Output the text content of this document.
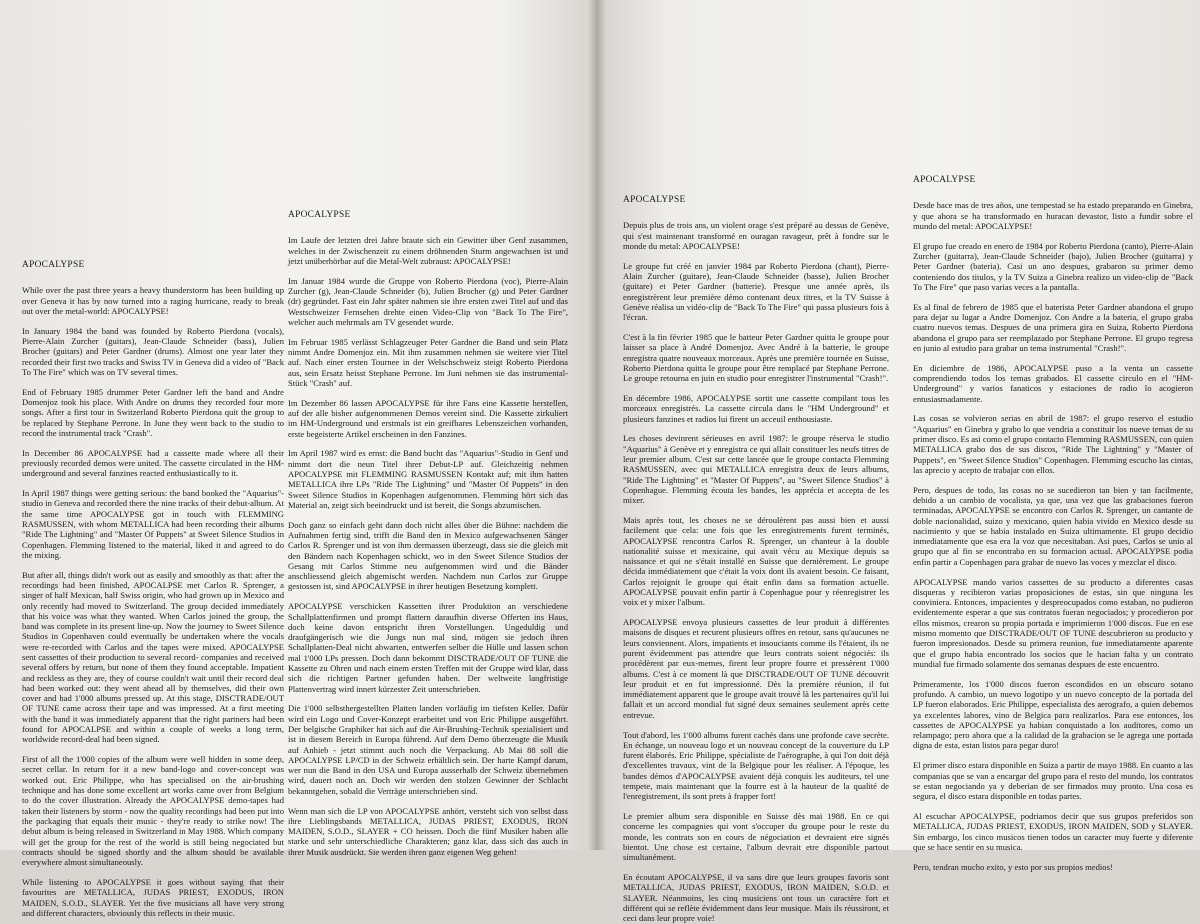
APOCALYPSE

While over the past three years a heavy thunderstorm has been building up over Geneva it has by now turned into a raging hurricane, ready to break out over the metal-world: APOCALYPSE!

In January 1984 the band was founded by Roberto Pierdona (vocals), Pierre-Alain Zurcher (guitars), Jean-Claude Schneider (bass), Julien Brocher (guitars) and Peter Gardner (drums). Almost one year later they recorded their first two tracks and Swiss TV in Geneva did a video of "Back To The Fire" which was on TV several times.

End of February 1985 drummer Peter Gardner left the band and Andre Domenjoz took his place. With Andre on drums they recorded four more songs. After a first tour in Switzerland Roberto Pierdona quit the group to be replaced by Stephane Perrone. In June they went back to the studio to record the instrumental track "Crash".

In December 86 APOCALYPSE had a cassette made where all their previously recorded demos were united. The cassette circulated in the HM-underground and several fanzines reacted enthusiastically to it.

In April 1987 things were getting serious: the band booked the "Aquarius"-studio in Geneva and recorded there the nine tracks of their debut-album. At the same time APOCALYPSE got in touch with FLEMMING RASMUSSEN, with whom METALLICA had been recording their albums "Ride The Lightning" and "Master Of Puppets" at Sweet Silence Studios in Copenhagen. Flemming listened to the material, liked it and agreed to do the mixing.

But after all, things didn't work out as easily and smoothly as that: after the recordings had been finished, APOCALPSE met Carlos R. Sprenger, a singer of half Mexican, half Swiss origin, who had grown up in Mexico and only recently had moved to Switzerland. The group decided immediately that his voice was what they wanted. When Carlos joined the group, the band was complete in its present line-up. Now the journey to Sweet Silence Studios in Copenhaven could eventually be undertaken where the vocals were re-recorded with Carlos and the tapes were mixed. APOCALYPSE sent cassettes of their production to several record- companies and received several offers by return, but none of them they found acceptable. Impatient and reckless as they are, they of course couldn't wait until their record deal had been worked out: they went ahead all by themselves, did their own cover and had 1'000 albums pressed up. At this stage, DISCTRADE/OUT OF TUNE came across their tape and was impressed. At a first meeting with the band it was immediately apparent that the right partners had been found for APOCALPSE and within a couple of weeks a long term, worldwide record-deal had been signed.

First of all the 1'000 copies of the album were well hidden in some deep, secret cellar. In return for it a new band-logo and cover-concept was worked out. Eric Philippe, who has specialised on the air-brushing technique and has done some excellent art works came over from Belgium to do the cover illustration. Already the APOCALYPSE demo-tapes had taken their listeners by storm - now the quality recordings had been put into the packaging that equals their music - they're ready to strike now! The debut album is being released in Switzerland in May 1988. Which company will get the group for the rest of the world is still being negociated but contracts should be signed shortly and the album should be available everywhere almost simultaneously.

While listening to APOCALYPSE it goes without saying that their favourites are METALLICA, JUDAS PRIEST, EXODUS, IRON MAIDEN, S.O.D., SLAYER. Yet the five musicians all have very strong and different characters, obviously this reflects in their music.

APOCALYPSE

Im Laufe der letzten drei Jahre braute sich ein Gewitter über Genf zusammen, welches in der Zwischenzeit zu einem dröhnenden Sturm angewachsen ist und jetzt unüberhörbar auf die Metal-Welt zubraust: APOCALYPSE!

Im Januar 1984 wurde die Gruppe von Roberto Pierdona (voc), Pierre-Alain Zurcher (g), Jean-Claude Schneider (b), Julien Brocher (g) und Peter Gardner (dr) gegründet. Fast ein Jahr später nahmen sie ihre ersten zwei Titel auf und das Westschweizer Fernsehen drehte einen Video-Clip von "Back To The Fire", welcher auch mehrmals am TV gesendet wurde.

Im Februar 1985 verlässt Schlagzeuger Peter Gardner die Band und sein Platz nimmt Andre Domenjoz ein. Mit ihm zusammen nehmen sie weitere vier Titel auf. Nach einer ersten Tournee in der Welschschweiz steigt Roberto Pierdona aus, sein Ersatz heisst Stephane Perrone. Im Juni nehmen sie das instrumental-Stück "Crash" auf.

Im Dezember 86 lassen APOCALYPSE für ihre Fans eine Kassette herstellen, auf der alle bisher aufgenommenen Demos vereint sind. Die Kassette zirkuliert im HM-Underground und erstmals ist ein greifbares Lebenszeichen vorhanden, erste begeisterte Artikel erscheinen in den Fanzines.

Im April 1987 wird es ernst: die Band bucht das "Aquarius"-Studio in Genf und nimmt dort die neun Titel ihrer Debut-LP auf. Gleichzeitig nehmen APOCALYPSE mit FLEMMING RASMUSSEN Kontakt auf; mit ihm hatten METALLICA ihre LPs "Ride The Lightning" und "Master Of Puppets" in den Sweet Silence Studios in Kopenhagen aufgenommen. Flemming hört sich das Material an, zeigt sich beeindruckt und ist bereit, die Songs abzumischen.

Doch ganz so einfach geht dann doch nicht alles über die Bühne: nachdem die Aufnahmen fertig sind, trifft die Band den in Mexico aufgewachsenen Sänger Carlos R. Sprenger und ist von ihm dermassen überzeugt, dass sie die gleich mit den Bändern nach Kopenhagen schickt, wo in den Sweet Silence Studios der Gesang mit Carlos Stimme neu aufgenommen wird und die Bänder anschliessend gleich abgemischt werden. Nachdem nun Carlos zur Gruppe gestossen ist, sind APOCALYPSE in ihrer heutigen Besetzung komplett.

APOCALYPSE verschicken Kassetten ihrer Produktion an verschiedene Schallplattenfirmen und prompt flattern daraufhin diverse Offerten ins Haus, doch keine davon entspricht ihren Vorstellungen. Ungeduldig und draufgängerisch wie die Jungs nun mal sind, mögen sie jedoch ihren Schallplatten-Deal nicht abwarten, entwerfen selber die Hülle und lassen schon mal 1'000 LPs pressen. Doch dann bekommt DISCTRADE/OUT OF TUNE die Kassette zu Ohren und nach einem ersten Treffen mit der Gruppe wird klar, dass sich die richtigen Partner gefunden haben. Der weltweite langfristige Plattenvertrag wird innert kürzester Zeit unterschrieben.

Die 1'000 selbsthergestellten Platten landen vorläufig im tiefsten Keller. Dafür wird ein Logo und Cover-Konzept erarbeitet und von Eric Philippe ausgeführt. Der belgische Graphiker hat sich auf die Air-Brushing-Technik spezialisiert und ist in diesem Bereich in Europa führend. Auf dem Demo überzeugte die Musik auf Anhieb - jetzt stimmt auch noch die Verpackung. Ab Mai 88 soll die APOCALYPSE LP/CD in der Schweiz erhältlich sein. Der harte Kampf darum, wer nun die Band in den USA und Europa ausserhalb der Schweiz übernehmen wird, dauert noch an. Doch wir werden den stolzen Gewinner der Schlacht bekanntgeben, sobald die Verträge unterschrieben sind.

Wenn man sich die LP von APOCALYPSE anhört, versteht sich von selbst dass ihre Lieblingsbands METALLICA, JUDAS PRIEST, EXODUS, IRON MAIDEN, S.O.D., SLAYER + CO heissen. Doch die fünf Musiker haben alle starke und sehr unterschiedliche Charakteren; ganz klar, dass sich das auch in ihrer Musik ausdrückt. Sie werden ihren ganz eigenen Weg gehen!

APOCALYPSE

Depuis plus de trois ans, un violent orage s'est préparé au dessus de Genève, qui s'est maintenant transformé en ouragan ravageur, prêt à fondre sur le monde du metal: APOCALYPSE!

Le groupe fut créé en janvier 1984 par Roberto Pierdona (chant), Pierre-Alain Zurcher (guitare), Jean-Claude Schneider (basse), Julien Brocher (guitare) et Peter Gardner (batterie). Presque une année après, ils enregistrèrent leur première démo contenant deux titres, et la TV Suisse à Genève réalisa un vidéo-clip de "Back To The Fire" qui passa plusieurs fois à l'écran.

C'est à la fin février 1985 que le batteur Peter Gardner quitta le groupe pour laisser sa place à André Domenjoz. Avec André à la batterie, le groupe enregistra quatre nouveaux morceaux. Après une première tournée en Suisse, Roberto Pierdona quitta le groupe pour être remplacé par Stephane Perrone. Le groupe retourna en juin en studio pour enregistrer l'instrumental "Crash!".

En décembre 1986, APOCALYPSE sortit une cassette compilant tous les morceaux enregistrés. La cassette circula dans le "HM Underground" et plusieurs fanzines et radios lui firent un acceuil enthousiaste.

Les choses devinrent sérieuses en avril 1987: le groupe réserva le studio "Aquarius" à Genève et y enregistra ce qui allait constituer les neufs titres de leur premier album. C'est sur cette lancée que le groupe contacta Flemming RASMUSSEN, avec qui METALLICA enregistra deux de leurs albums, "Ride The Lightning" et "Master Of Puppets", au "Sweet Silence Studios" à Copenhague. Flemming écouta les bandes, les apprécia et accepta de les mixer.

Mais après tout, les choses ne se déroulèrent pas aussi bien et aussi facilement que cela: une fois que les enregistrements furent terminés, APOCALYPSE rencontra Carlos R. Sprenger, un chanteur à la double nationalité suisse et mexicaine, qui avait vécu au Mexique depuis sa naissance et qui ne s'était installé en Suisse que dernièrement. Le groupe décida immédiatement que c'était la voix dont ils avaient besoin. Ce faisant, Carlos rejoignit le groupe qui était enfin dans sa formation actuelle. APOCALYPSE pouvait enfin partir à Copenhague pour y réenregistrer les voix et y mixer l'album.

APOCALYPSE envoya plusieurs cassettes de leur produit à différentes maisons de disques et recurent plusieurs offres en retour, sans qu'aucunes ne leurs conviennent. Alors, impatients et insouciants comme ils l'étaient, ils ne purent évidemment pas attendre que leurs contrats soient négociés: ils procédèrent par eux-memes, firent leur propre fourre et pressèrent 1'000 albums. C'est à ce moment là que DISCTRADE/OUT OF TUNE découvrit leur produit et en fut impressionné. Dès la première réunion, il fut immédiatement apparent que le groupe avait trouvé là les partenaires qu'il lui fallait et un accord mondial fut signé deux semaines seulement après cette entrevue.

Tout d'abord, les 1'000 albums furent cachés dans une profonde cave secrète. En échange, un nouveau logo et un nouveau concept de la couverture du LP furent élaborés. Eric Philippe, spécialiste de l'aérographe, à qui l'on doit déjà d'excellentes travaux, vint de la Belgique pour les réaliser. A l'époque, les bandes démos d'APOCALYPSE avaient déjà conquis les auditeurs, tel une tempete, mais maintenant que la fourre est à la hauteur de la qualité de l'enregistrement, ils sont prets à frapper fort!

Le premier album sera disponible en Suisse dès mai 1988. En ce qui concerne les compagnies qui vont s'occuper du groupe pour le reste du monde, les contrats son en cours de négociation et devraient etre signés bientot. Une chose est certaine, l'album devrait etre disponible partout simultanément.

En écoutant APOCALYPSE, il va sans dire que leurs groupes favoris sont METALLICA, JUDAS PRIEST, EXODUS, IRON MAIDEN, S.O.D. et SLAYER. Néanmoins, les cinq musiciens ont tous un caractère fort et différent qui se reflète évidemment dans leur musique. Mais ils réussiront, et ceci dans leur propre voie!

APOCALYPSE

Desde hace mas de tres años, une tempestad se ha estado preparando en Ginebra, y que ahora se ha transformado en huracan devastor, listo a fundir sobre el mundo del metal: APOCALYPSE!

El grupo fue creado en enero de 1984 por Roberto Pierdona (canto), Pierre-Alain Zurcher (guitarra), Jean-Claude Schneider (bajo), Julien Brocher (guitarra) y Peter Gardner (bateria). Casi un ano despues, grabaron su primer demo conteniendo dos titulos, y la TV Suiza a Ginebra realizo un video-clip de "Back To The Fire" que paso varias veces a la pantalla.

Es al final de febrero de 1985 que el baterista Peter Gardner abandona el grupo para dejar su lugar a Andre Domenjoz. Con Andre a la bateria, el grupo graba cuatro nuevos temas. Despues de una primera gira en Suiza, Roberto Pierdona abandona el grupo para ser reemplazado por Stephane Perrone. El grupo regresa en junio al estudio para grabar un tema instrumental "Crash!".

En diciembre de 1986, APOCALYPSE puso a la venta un cassette comprendiendo todos los temas grabados. El cassette circulo en el "HM-Underground" y varios fanaticos y estaciones de radio lo acogieron entusiasmadamente.

Las cosas se volvieron serias en abril de 1987: el grupo reservo el estudio "Aquarius" en Ginebra y grabo lo que vendria a constituir los nueve temas de su primer disco. Es asi como el grupo contacto Flemming RASMUSSEN, con quien METALLICA grabo dos de sus discos, "Ride The Lightning" y "Master of Puppets", en "Sweet Silence Studios" Copenhagen. Flemming escucho las cintas, las aprecio y acepto de trabajar con ellos.

Pero, despues de todo, las cosas no se sucedieron tan bien y tan facilmente, debido a un cambio de vocalista, ya que, una vez que las grabaciones fueron terminadas, APOCALYPSE se encontro con Carlos R. Sprenger, un cantante de doble nacionalidad, suizo y mexicano, quien habia vivido en Mexico desde su nacimiento y que se habia instalado en Suiza ultimamente. El grupo decidio inmediatamente que esa era la voz que necesitaban. Asi pues, Carlos se unio al grupo que al fin se encontraba en su formacion actual. APOCALYPSE podia enfin partir a Copenhagen para grabar de nuevo las voces y mezclar el disco.

APOCALYPSE mando varios cassettes de su producto a diferentes casas disqueras y recibieron varias proposiciones de estas, sin que ninguna les conviniera. Entonces, impacientes y despreocupados como estaban, no pudieron evidentemente esperar a que sus contratos fueran negociados; y procedieron por ellos mismos, crearon su propia portada e imprimieron 1'000 discos. Fue en ese mismo momento que DISCTRADE/OUT OF TUNE descubrieron su producto y fueron impresionados. Desde su primera reunion, fue inmediatamente aparente que el grupo habia encontrado los socios que le hacian falta y un contrato mundial fue firmado solamente dos semanas despues de este encuentro.

Primeramente, los 1'000 discos fueron escondidos en un obscuro sotano profundo. A cambio, un nuevo logotipo y un nuevo concepto de la portada del LP fueron elaborados. Eric Philippe, especialista des aerografo, a quien debemos ya excelentes labores, vino de Belgica para realizarlos. Para ese entonces, los cassettes de APOCALYPSE ya habian conquistado a los auditores, como un relampago; pero ahora que a la calidad de la grabacion se le agrega une portada digna de esta, estan listos para pegar duro!

El primer disco estara disponible en Suiza a partir de mayo 1988. En cuanto a las companias que se van a encargar del grupo para el resto del mundo, los contratos se estan negociando ya y deberian de ser firmados muy pronto. Una cosa es segura, el disco estara disponible en todas partes.

Al escuchar APOCALYPSE, podriamos decir que sus grupos preferidos son METALLICA, JUDAS PRIEST, EXODUS, IRON MAIDEN, SOD y SLAYER. Sin embargo, los cinco musicos tienen todos un caracter muy fuerte y diferente que se hace sentir en su musica.

Pero, tendran mucho exito, y esto por sus propios medios!
